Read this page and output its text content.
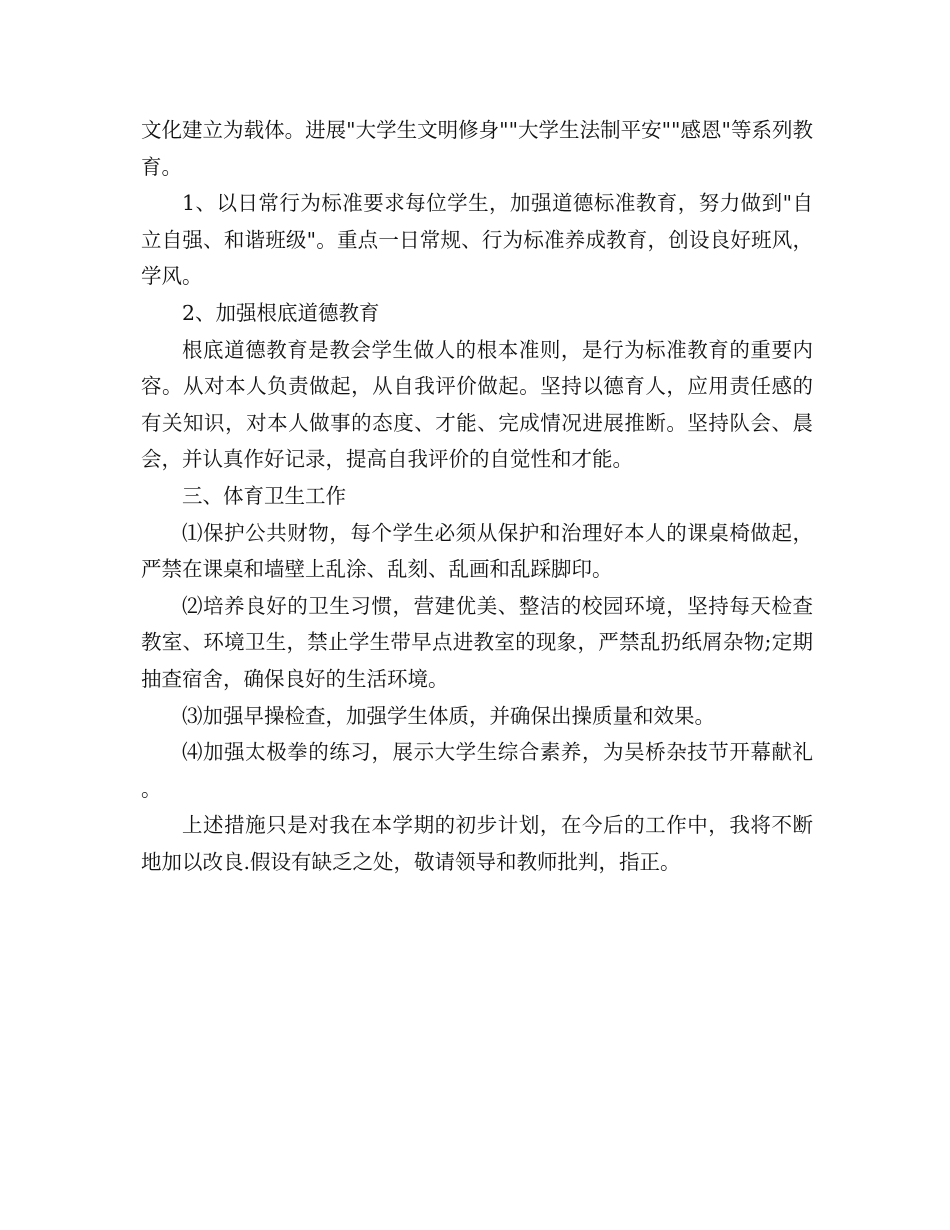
文化建立为载体。进展"大学生文明修身""大学生法制平安""感恩"等系列教育。

1、以日常行为标准要求每位学生，加强道德标准教育，努力做到"自立自强、和谐班级"。重点一日常规、行为标准养成教育，创设良好班风，学风。

2、加强根底道德教育

根底道德教育是教会学生做人的根本准则，是行为标准教育的重要内容。从对本人负责做起，从自我评价做起。坚持以德育人，应用责任感的有关知识，对本人做事的态度、才能、完成情况进展推断。坚持队会、晨会，并认真作好记录，提高自我评价的自觉性和才能。

三、体育卫生工作

⑴保护公共财物，每个学生必须从保护和治理好本人的课桌椅做起，严禁在课桌和墙壁上乱涂、乱刻、乱画和乱踩脚印。

⑵培养良好的卫生习惯，营建优美、整洁的校园环境，坚持每天检查教室、环境卫生，禁止学生带早点进教室的现象，严禁乱扔纸屑杂物;定期抽查宿舍，确保良好的生活环境。

⑶加强早操检查，加强学生体质，并确保出操质量和效果。

⑷加强太极拳的练习，展示大学生综合素养，为吴桥杂技节开幕献礼。

上述措施只是对我在本学期的初步计划，在今后的工作中，我将不断地加以改良.假设有缺乏之处，敬请领导和教师批判，指正。
